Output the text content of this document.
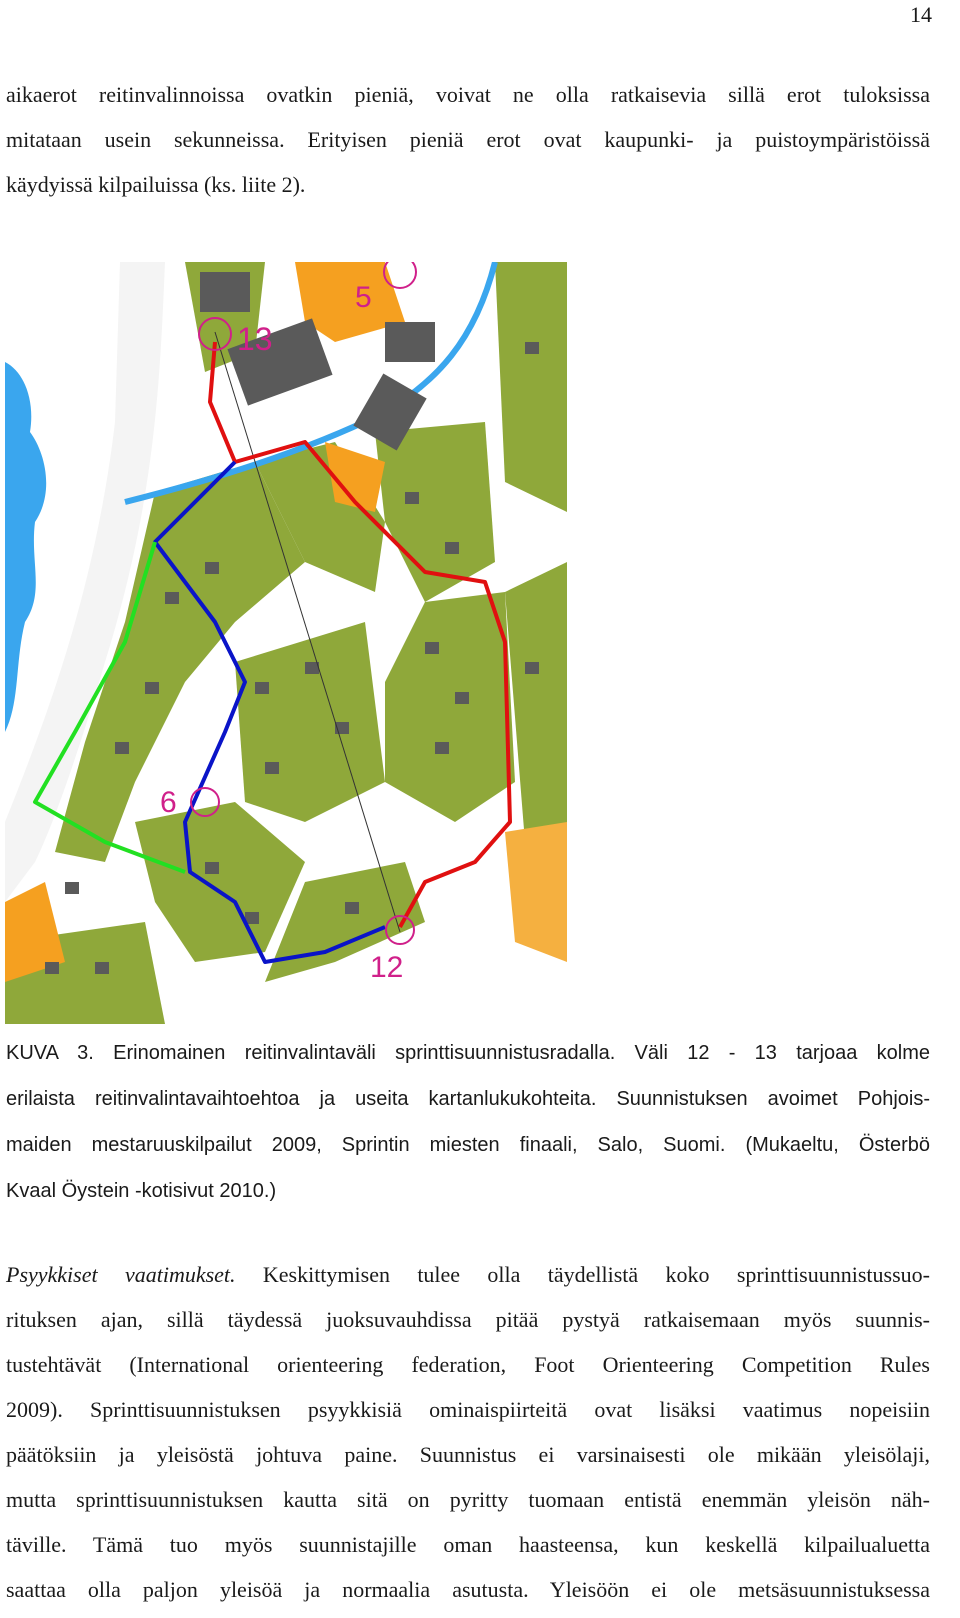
14

aikaerot reitinvalinnoissa ovatkin pieniä, voivat ne olla ratkaisevia sillä erot tuloksissa
mitataan usein sekunneissa. Erityisen pieniä erot ovat kaupunki- ja puistoympäristöissä
käydyissä kilpailuissa (ks. liite 2).

13
5
6
12

KUVA 3. Erinomainen reitinvalintaväli sprinttisuunnistusradalla. Väli 12 - 13 tarjoaa kolme
erilaista reitinvalintavaihtoehtoa ja useita kartanlukukohteita. Suunnistuksen avoimet Pohjois-
maiden mestaruuskilpailut 2009, Sprintin miesten finaali, Salo, Suomi. (Mukaeltu, Österbö
Kvaal Öystein -kotisivut 2010.)

Psyykkiset vaatimukset. Keskittymisen tulee olla täydellistä koko sprinttisuunnistussuo-
rituksen ajan, sillä täydessä juoksuvauhdissa pitää pystyä ratkaisemaan myös suunnis-
tustehtävät (International orienteering federation, Foot Orienteering Competition Rules
2009). Sprinttisuunnistuksen psyykkisiä ominaispiirteitä ovat lisäksi vaatimus nopeisiin
päätöksiin ja yleisöstä johtuva paine. Suunnistus ei varsinaisesti ole mikään yleisölaji,
mutta sprinttisuunnistuksen kautta sitä on pyritty tuomaan entistä enemmän yleisön näh-
täville. Tämä tuo myös suunnistajille oman haasteensa, kun keskellä kilpailualuetta
saattaa olla paljon yleisöä ja normaalia asutusta. Yleisöön ei ole metsäsuunnistuksessa
